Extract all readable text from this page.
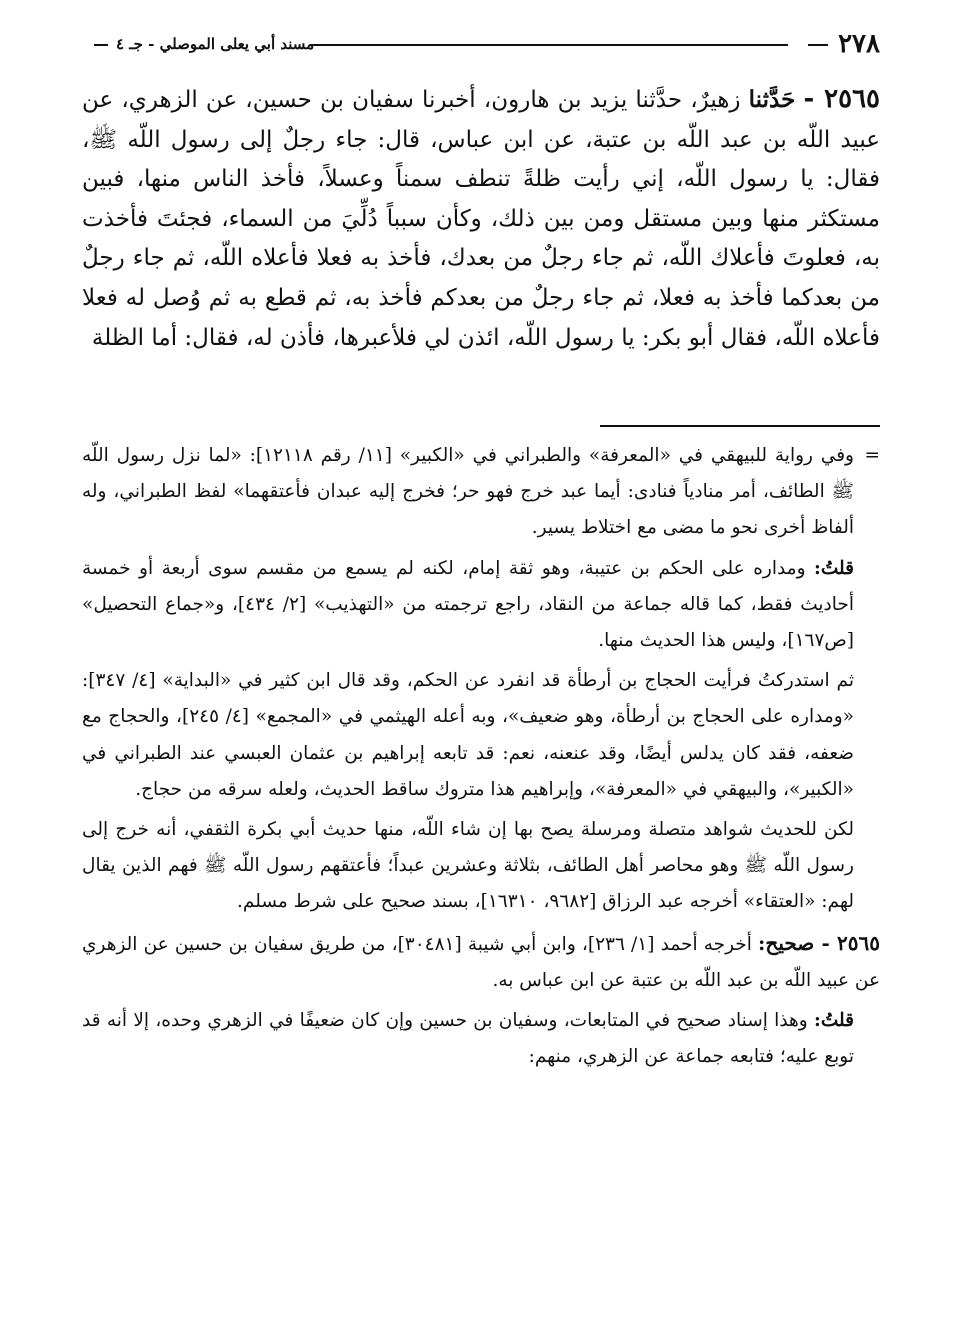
٢٧٨
مسند أبي يعلى الموصلي - جـ ٤

٢٥٦٥ - حَدَّثنا زهيرٌ، حدَّثنا يزيد بن هارون، أخبرنا سفيان بن حسين، عن الزهري، عن عبيد اللّه بن عبد اللّه بن عتبة، عن ابن عباس، قال: جاء رجلٌ إلى رسول اللّه ﷺ، فقال: يا رسول اللّه، إني رأيت ظلةً تنطف سمناً وعسلاً، فأخذ الناس منها، فبين مستكثر منها وبين مستقل ومن بين ذلك، وكأن سبباً دُلِّيَ من السماء، فجئتَ فأخذت به، فعلوتَ فأعلاك اللّه، ثم جاء رجلٌ من بعدك، فأخذ به فعلا فأعلاه اللّه، ثم جاء رجلٌ من بعدكما فأخذ به فعلا، ثم جاء رجلٌ من بعدكم فأخذ به، ثم قطع به ثم وُصل له فعلا فأعلاه اللّه، فقال أبو بكر: يا رسول اللّه، ائذن لي فلأعبرها، فأذن له، فقال: أما الظلة

=
وفي رواية للبيهقي في «المعرفة» والطبراني في «الكبير» [١١/ رقم ١٢١١٨]: «لما نزل رسول اللّه ﷺ الطائف، أمر منادياً فنادى: أيما عبد خرج فهو حر؛ فخرج إليه عبدان فأعتقهما» لفظ الطبراني، وله ألفاظ أخرى نحو ما مضى مع اختلاط يسير.

قلتُ: ومداره على الحكم بن عتيبة، وهو ثقة إمام، لكنه لم يسمع من مقسم سوى أربعة أو خمسة أحاديث فقط، كما قاله جماعة من النقاد، راجع ترجمته من «التهذيب» [٢/ ٤٣٤]، و«جماع التحصيل» [ص١٦٧]، وليس هذا الحديث منها.

ثم استدركتُ فرأيت الحجاج بن أرطأة قد انفرد عن الحكم، وقد قال ابن كثير في «البداية» [٤/ ٣٤٧]: «ومداره على الحجاج بن أرطأة، وهو ضعيف»، وبه أعله الهيثمي في «المجمع» [٤/ ٢٤٥]، والحجاج مع ضعفه، فقد كان يدلس أيضًا، وقد عنعنه، نعم: قد تابعه إبراهيم بن عثمان العبسي عند الطبراني في «الكبير»، والبيهقي في «المعرفة»، وإبراهيم هذا متروك ساقط الحديث، ولعله سرقه من حجاج.

لكن للحديث شواهد متصلة ومرسلة يصح بها إن شاء اللّه، منها حديث أبي بكرة الثقفي، أنه خرج إلى رسول اللّه ﷺ وهو محاصر أهل الطائف، بثلاثة وعشرين عبداً؛ فأعتقهم رسول اللّه ﷺ فهم الذين يقال لهم: «العتقاء» أخرجه عبد الرزاق [٩٦٨٢، ١٦٣١٠]، بسند صحيح على شرط مسلم.

٢٥٦٥ - صحيح: أخرجه أحمد [١/ ٢٣٦]، وابن أبي شيبة [٣٠٤٨١]، من طريق سفيان بن حسين عن الزهري عن عبيد اللّه بن عبد اللّه بن عتبة عن ابن عباس به.

قلتُ: وهذا إسناد صحيح في المتابعات، وسفيان بن حسين وإن كان ضعيفًا في الزهري وحده، إلا أنه قد توبع عليه؛ فتابعه جماعة عن الزهري، منهم:
